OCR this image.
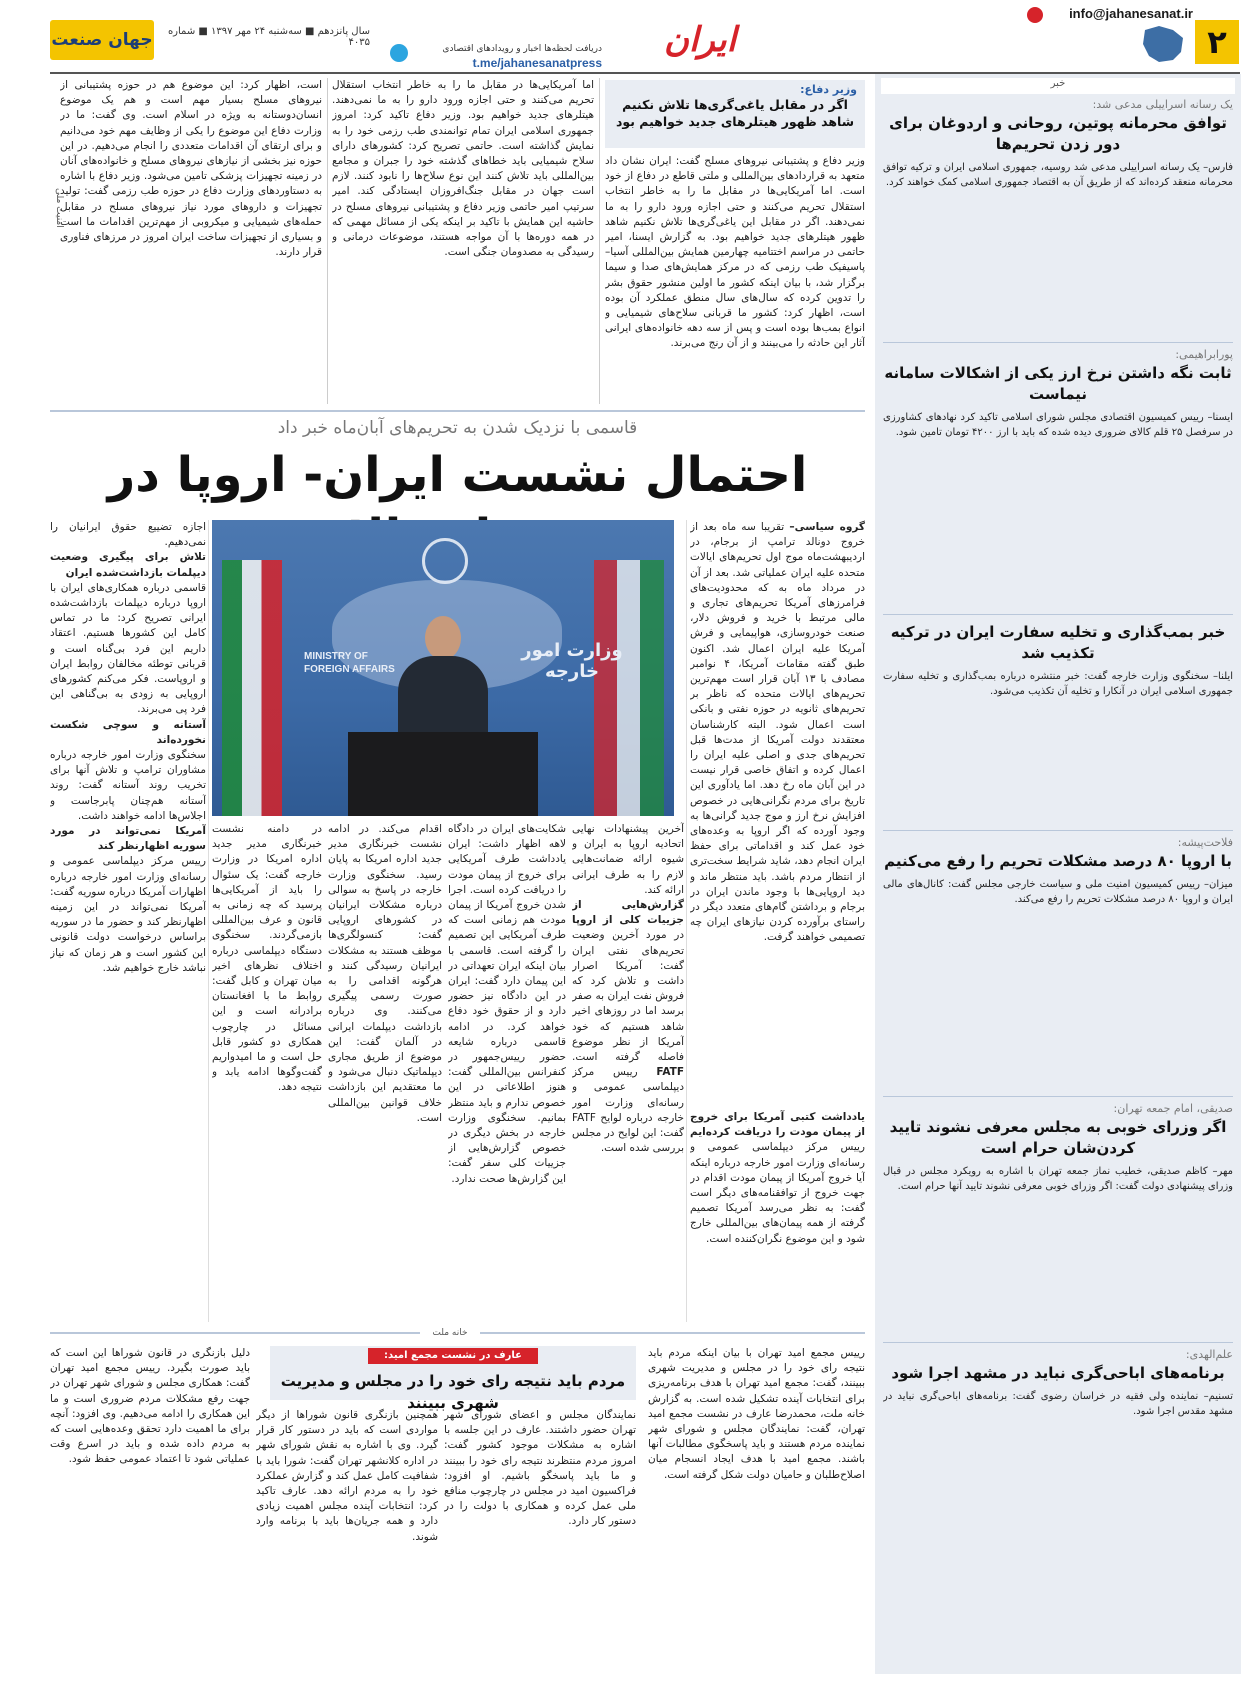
۲
info@jahanesanat.ir
ایران
دریافت لحظه‌ها اخبار و رویدادهای اقتصادی
t.me/jahanesanatpress
سال پانزدهم ■ سه‌شنبه ۲۴ مهر ۱۳۹۷ ■ شماره ۴۰۳۵
جهان صنعت
خبر
یک رسانه اسراییلی مدعی شد:
توافق محرمانه پوتین، روحانی و اردوغان برای دور زدن تحریم‌ها
فارس– یک رسانه اسراییلی مدعی شد روسیه، جمهوری اسلامی ایران و ترکیه توافق محرمانه منعقد کرده‌اند که از طریق آن به اقتصاد جمهوری اسلامی کمک خواهند کرد.
پورابراهیمی:
ثابت نگه داشتن نرخ ارز یکی از اشکالات سامانه نیماست
ایسنا– رییس کمیسیون اقتصادی مجلس شورای اسلامی تاکید کرد نهادهای کشاورزی در سرفصل ۲۵ قلم کالای ضروری دیده شده که باید با ارز ۴۲۰۰ تومان تامین شود.
خبر بمب‌گذاری و تخلیه سفارت ایران در ترکیه تکذیب شد
ایلنا– سخنگوی وزارت خارجه گفت: خبر منتشره درباره بمب‌گذاری و تخلیه سفارت جمهوری اسلامی ایران در آنکارا و تخلیه آن تکذیب می‌شود.
فلاحت‌پیشه:
با اروپا ۸۰ درصد مشکلات تحریم را رفع می‌کنیم
میزان– رییس کمیسیون امنیت ملی و سیاست خارجی مجلس گفت: کانال‌های مالی ایران و اروپا ۸۰ درصد مشکلات تحریم را رفع می‌کند.
صدیقی، امام جمعه تهران:
اگر وزرای خوبی به مجلس معرفی نشوند تایید کردن‌شان حرام است
مهر– کاظم صدیقی، خطیب نماز جمعه تهران با اشاره به رویکرد مجلس در قبال وزرای پیشنهادی دولت گفت: اگر وزرای خوبی معرفی نشوند تایید آنها حرام است.
علم‌الهدی:
برنامه‌های اباحی‌گری نباید در مشهد اجرا شود
تسنیم– نماینده ولی فقیه در خراسان رضوی گفت: برنامه‌های اباحی‌گری نباید در مشهد مقدس اجرا شود.
وزیر دفاع:
اگر در مقابل یاغی‌گری‌ها تلاش نکنیم شاهد ظهور هیتلرهای جدید خواهیم بود
وزیر دفاع و پشتیبانی نیروهای مسلح گفت: ایران نشان داد متعهد به قراردادهای بین‌المللی و ملتی قاطع در دفاع از خود است. اما آمریکایی‌ها در مقابل ما را به خاطر انتخاب استقلال تحریم می‌کنند و حتی اجازه ورود دارو را به ما نمی‌دهند. اگر در مقابل این یاغی‌گری‌ها تلاش نکنیم شاهد ظهور هیتلرهای جدید خواهیم بود. به گزارش ایسنا، امیر حاتمی در مراسم اختتامیه چهارمین همایش بین‌المللی آسیا–پاسیفیک طب رزمی که در مرکز همایش‌های صدا و سیما برگزار شد، با بیان اینکه کشور ما اولین منشور حقوق بشر را تدوین کرده که سال‌های سال منطق عملکرد آن بوده است، اظهار کرد: کشور ما قربانی سلاح‌های شیمیایی و انواع بمب‌ها بوده است و پس از سه دهه خانواده‌های ایرانی آثار این حادثه را می‌بینند و از آن رنج می‌برند.
اما آمریکایی‌ها در مقابل ما را به خاطر انتخاب استقلال تحریم می‌کنند و حتی اجازه ورود دارو را به ما نمی‌دهند. هیتلرهای جدید خواهیم بود. وزیر دفاع تاکید کرد: امروز جمهوری اسلامی ایران تمام توانمندی طب رزمی خود را به نمایش گذاشته است. حاتمی تصریح کرد: کشورهای دارای سلاح شیمیایی باید خطاهای گذشته خود را جبران و مجامع بین‌المللی باید تلاش کنند این نوع سلاح‌ها را نابود کنند. لازم است جهان در مقابل جنگ‌افروزان ایستادگی کند. امیر سرتیپ امیر حاتمی وزیر دفاع و پشتیبانی نیروهای مسلح در حاشیه این همایش با تاکید بر اینکه یکی از مسائل مهمی که در همه دوره‌ها با آن مواجه هستند، موضوعات درمانی و رسیدگی به مصدومان جنگی است.
است، اظهار کرد: این موضوع هم در حوزه پشتیبانی از نیروهای مسلح بسیار مهم است و هم یک موضوع انسان‌دوستانه به ویژه در اسلام است. وی گفت: ما در وزارت دفاع این موضوع را یکی از وظایف مهم خود می‌دانیم و برای ارتقای آن اقدامات متعددی را انجام می‌دهیم. در این حوزه نیز بخشی از نیازهای نیروهای مسلح و خانواده‌های آنان در زمینه تجهیزات پزشکی تامین می‌شود. وزیر دفاع با اشاره به دستاوردهای وزارت دفاع در حوزه طب رزمی گفت: تولید تجهیزات و داروهای مورد نیاز نیروهای مسلح در مقابل حمله‌های شیمیایی و میکروبی از مهم‌ترین اقدامات ما است و بسیاری از تجهیزات ساخت ایران امروز در مرزهای فناوری قرار دارند.
امنیت ملی
قاسمی با نزدیک شدن به تحریم‌های آبان‌ماه خبر داد
احتمال نشست ایران- اروپا در
MINISTRY OF FOREIGN AFFAIRS
وزارت امور خارجه
گروه سیاسی– تقریبا سه ماه بعد از خروج دونالد ترامپ از برجام، در اردیبهشت‌ماه موج اول تحریم‌های ایالات متحده علیه ایران عملیاتی شد. بعد از آن در مرداد ماه به که محدودیت‌های فرامرزهای آمریکا تحریم‌های تجاری و مالی مرتبط با خرید و فروش دلار، صنعت خودروسازی، هواپیمایی و فرش آمریکا علیه ایران اعمال شد. اکنون طبق گفته مقامات آمریکا، ۴ نوامبر مصادف با ۱۳ آبان قرار است مهم‌ترین تحریم‌های ایالات متحده که ناظر بر تحریم‌های ثانویه در حوزه نفتی و بانکی است اعمال شود. البته کارشناسان معتقدند دولت آمریکا از مدت‌ها قبل تحریم‌های جدی و اصلی علیه ایران را اعمال کرده و اتفاق خاصی قرار نیست در این آبان ماه رخ دهد. اما یادآوری این تاریخ برای مردم نگرانی‌هایی در خصوص افزایش نرخ ارز و موج جدید گرانی‌ها به وجود آورده که اگر اروپا به وعده‌های خود عمل کند و اقداماتی برای حفظ ایران انجام دهد، شاید شرایط سخت‌تری از انتظار مردم باشد. باید منتظر ماند و دید اروپایی‌ها با وجود ماندن ایران در برجام و برداشتن گام‌های متعدد دیگر در راستای برآورده کردن نیازهای ایران چه تصمیمی خواهند گرفت.
آخرین پیشنهادات نهایی اتحادیه اروپا به ایران و شیوه ارائه ضمانت‌هایی لازم را به طرف ایرانی ارائه کند.
گزارش‌هایی از جزییات کلی از اروپا در مورد آخرین وضعیت تحریم‌های نفتی ایران گفت: آمریکا اصرار داشت و تلاش کرد که فروش نفت ایران به صفر برسد اما در روزهای اخیر شاهد هستیم که خود آمریکا از نظر موضوع فاصله گرفته است. FATF رییس مرکز دیپلماسی عمومی و رسانه‌ای وزارت امور خارجه درباره لوایح FATF گفت: این لوایح در مجلس بررسی شده است.
شکایت‌های ایران در دادگاه لاهه اظهار داشت: ایران یادداشت طرف آمریکایی برای خروج از پیمان مودت را دریافت کرده است. اجرا شدن خروج آمریکا از پیمان مودت هم زمانی است که طرف آمریکایی این تصمیم را گرفته است. قاسمی با بیان اینکه ایران تعهداتی در این پیمان دارد گفت: ایران در این دادگاه نیز حضور دارد و از حقوق خود دفاع خواهد کرد. در ادامه قاسمی درباره شایعه حضور رییس‌جمهور در کنفرانس بین‌المللی گفت: هنوز اطلاعاتی در این خصوص ندارم و باید منتظر بمانیم. سخنگوی وزارت خارجه در بخش دیگری در خصوص گزارش‌هایی از جزییات کلی سفر گفت: این گزارش‌ها صحت ندارد.
اقدام می‌کند. در ادامه نشست خبرنگاری مدیر جدید اداره امریکا به پایان رسید. سخنگوی وزارت خارجه در پاسخ به سوالی درباره مشکلات ایرانیان در کشورهای اروپایی گفت: کنسولگری‌ها موظف هستند به مشکلات ایرانیان رسیدگی کنند و هرگونه اقدامی را به صورت رسمی پیگیری می‌کنند. وی درباره بازداشت دیپلمات ایرانی در آلمان گفت: این موضوع از طریق مجاری دیپلماتیک دنبال می‌شود و ما معتقدیم این بازداشت خلاف قوانین بین‌المللی است.
در دامنه نشست خبرنگاری مدیر جدید اداره امریکا در وزارت خارجه گفت: یک سئوال را باید از آمریکایی‌ها پرسید که چه زمانی به قانون و عرف بین‌المللی بازمی‌گردند. سخنگوی دستگاه دیپلماسی درباره اختلاف نظرهای اخیر میان تهران و کابل گفت: روابط ما با افغانستان برادرانه است و این مسائل در چارچوب همکاری دو کشور قابل حل است و ما امیدواریم گفت‌وگوها ادامه یابد و نتیجه دهد.
اجازه تضییع حقوق ایرانیان را نمی‌دهیم.
تلاش برای پیگیری وضعیت دیپلمات بازداشت‌شده ایران
قاسمی درباره همکاری‌های ایران با اروپا درباره دیپلمات بازداشت‌شده ایرانی تصریح کرد: ما در تماس کامل این کشورها هستیم. اعتقاد داریم این فرد بی‌گناه است و قربانی توطئه مخالفان روابط ایران و اروپاست. فکر می‌کنم کشورهای اروپایی به زودی به بی‌گناهی این فرد پی می‌برند.
آستانه و سوچی شکست نخورده‌اند
سخنگوی وزارت امور خارجه درباره مشاوران ترامپ و تلاش آنها برای تخریب روند آستانه گفت: روند آستانه هم‌چنان پابرجاست و اجلاس‌ها ادامه خواهند داشت.
آمریکا نمی‌تواند در مورد سوریه اظهارنظر کند
رییس مرکز دیپلماسی عمومی و رسانه‌ای وزارت امور خارجه درباره اظهارات آمریکا درباره سوریه گفت: آمریکا نمی‌تواند در این زمینه اظهارنظر کند و حضور ما در سوریه براساس درخواست دولت قانونی این کشور است و هر زمان که نیاز نباشد خارج خواهیم شد.
یادداشت کتبی آمریکا برای خروج از پیمان مودت را دریافت کرده‌ایم رییس مرکز دیپلماسی عمومی و رسانه‌ای وزارت امور خارجه درباره اینکه آیا خروج آمریکا از پیمان مودت اقدام در جهت خروج از توافقنامه‌های دیگر است گفت: به نظر می‌رسد آمریکا تصمیم گرفته از همه پیمان‌های بین‌المللی خارج شود و این موضوع نگران‌کننده است.
خانه ملت
عارف در نشست مجمع امید:
مردم باید نتیجه رای خود را در مجلس و مدیریت شهری ببینند
رییس مجمع امید تهران با بیان اینکه مردم باید نتیجه رای خود را در مجلس و مدیریت شهری ببینند، گفت: مجمع امید تهران با هدف برنامه‌ریزی برای انتخابات آینده تشکیل شده است. به گزارش خانه ملت، محمدرضا عارف در نشست مجمع امید تهران، گفت: نمایندگان مجلس و شورای شهر نماینده مردم هستند و باید پاسخگوی مطالبات آنها باشند. مجمع امید با هدف ایجاد انسجام میان اصلاح‌طلبان و حامیان دولت شکل گرفته است.
نمایندگان مجلس و اعضای شورای شهر تهران حضور داشتند. عارف در این جلسه با اشاره به مشکلات موجود کشور گفت: امروز مردم منتظرند نتیجه رای خود را ببینند و ما باید پاسخگو باشیم. او افزود: فراکسیون امید در مجلس در چارچوب منافع ملی عمل کرده و همکاری با دولت را در دستور کار دارد.
همچنین بازنگری قانون شوراها از دیگر مواردی است که باید در دستور کار قرار گیرد. وی با اشاره به نقش شورای شهر در اداره کلانشهر تهران گفت: شورا باید با شفافیت کامل عمل کند و گزارش عملکرد خود را به مردم ارائه دهد. عارف تاکید کرد: انتخابات آینده مجلس اهمیت زیادی دارد و همه جریان‌ها باید با برنامه وارد شوند.
دلیل بازنگری در قانون شوراها این است که باید صورت بگیرد. رییس مجمع امید تهران گفت: همکاری مجلس و شورای شهر تهران در جهت رفع مشکلات مردم ضروری است و ما این همکاری را ادامه می‌دهیم. وی افزود: آنچه برای ما اهمیت دارد تحقق وعده‌هایی است که به مردم داده شده و باید در اسرع وقت عملیاتی شود تا اعتماد عمومی حفظ شود.
